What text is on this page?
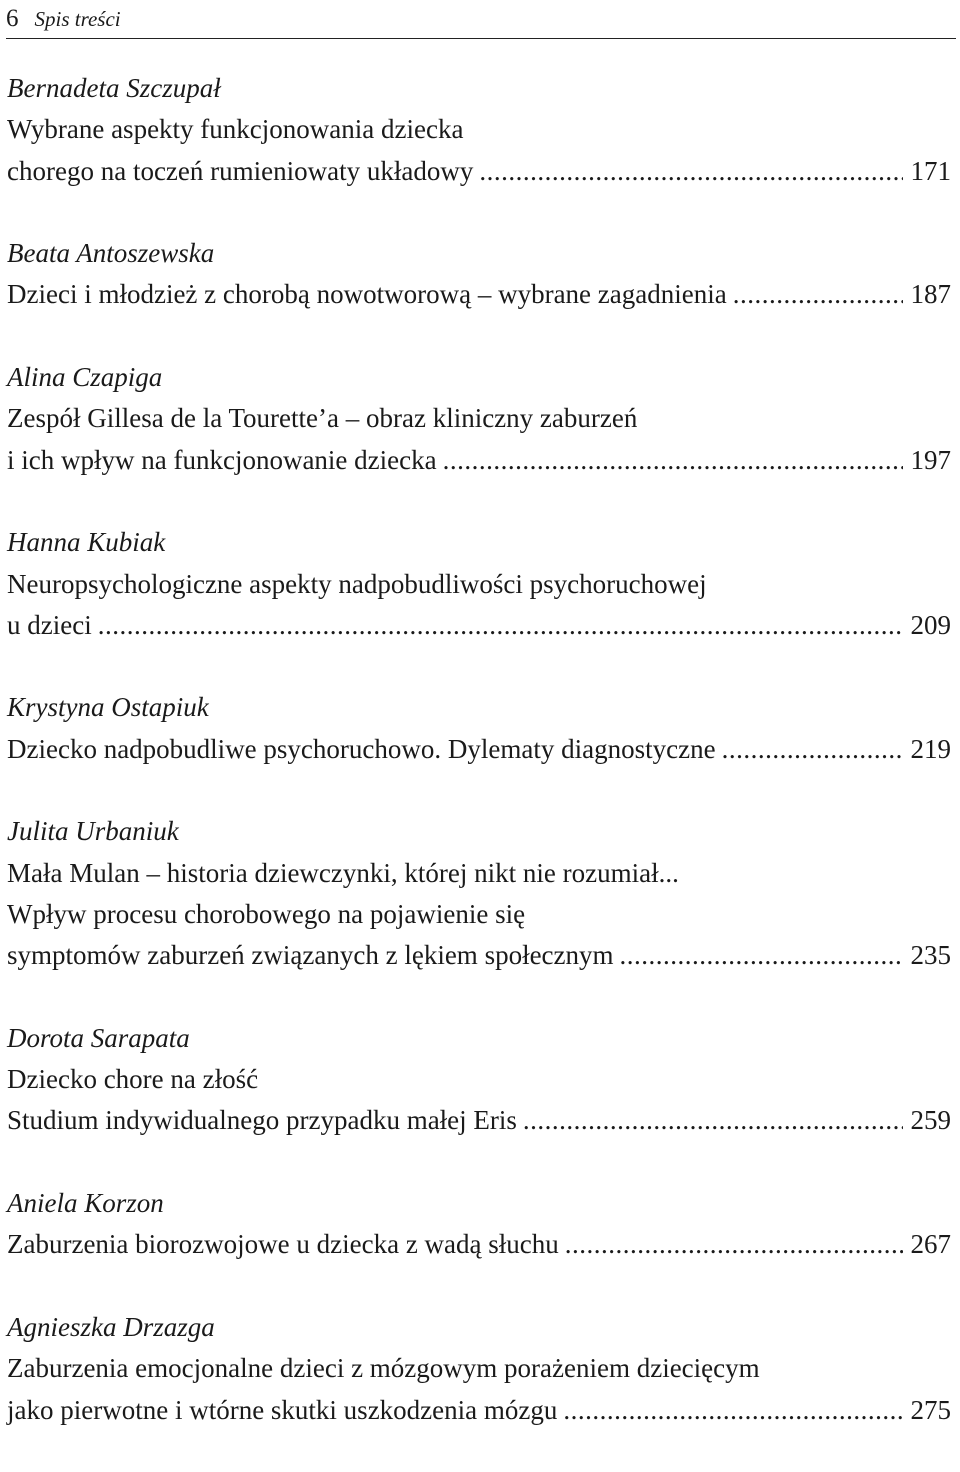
6 Spis treści
Bernadeta Szczupał
Wybrane aspekty funkcjonowania dziecka
chorego na toczeń rumieniowaty układowy .....	171
Beata Antoszewska
Dzieci i młodzież z chorobą nowotworową – wybrane zagadnienia .....	187
Alina Czapiga
Zespół Gillesa de la Tourette’a – obraz kliniczny zaburzeń
i ich wpływ na funkcjonowanie dziecka .....	197
Hanna Kubiak
Neuropsychologiczne aspekty nadpobudliwości psychoruchowej
u dzieci .....	209
Krystyna Ostapiuk
Dziecko nadpobudliwe psychoruchowo. Dylematy diagnostyczne .....	219
Julita Urbaniuk
Mała Mulan – historia dziewczynki, której nikt nie rozumiał...
Wpływ procesu chorobowego na pojawienie się
symptomów zaburzeń związanych z lękiem społecznym .....	235
Dorota Sarapata
Dziecko chore na złość
Studium indywidualnego przypadku małej Eris .....	259
Aniela Korzon
Zaburzenia biorozwojowe u dziecka z wadą słuchu .....	267
Agnieszka Drzazga
Zaburzenia emocjonalne dzieci z mózgowym porażeniem dziecięcym
jako pierwotne i wtórne skutki uszkodzenia mózgu .....	275
